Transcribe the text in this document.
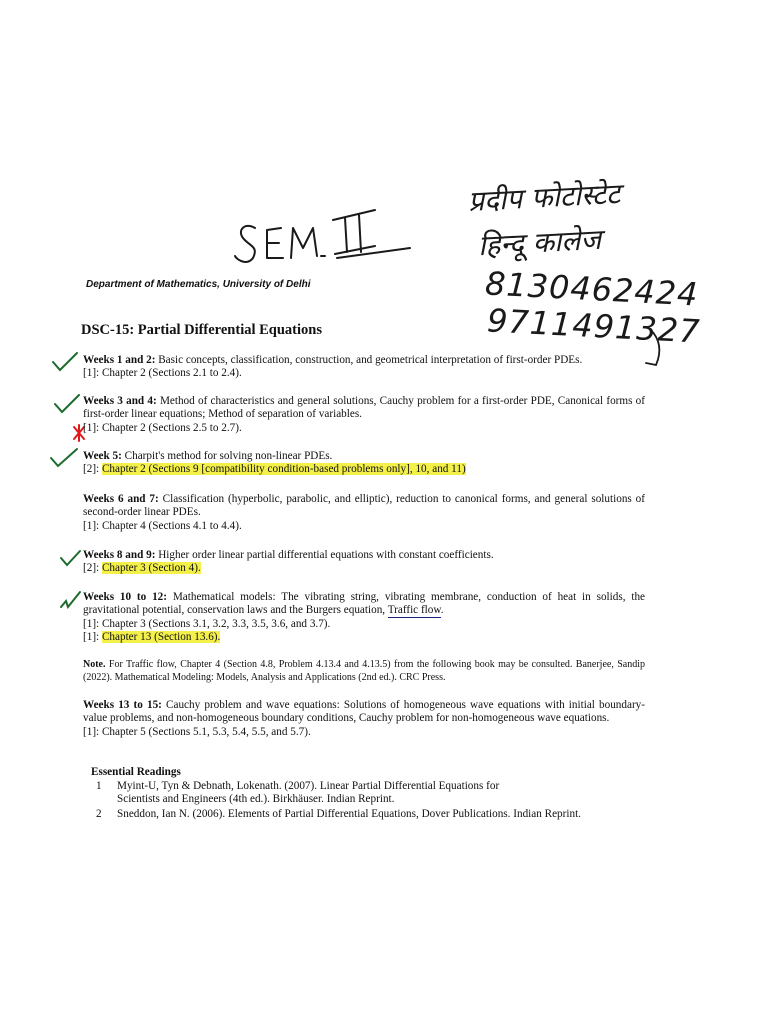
प्रदीप फोटोस्टेट
हिन्दू कालेज
8130462424
9711491327
Department of Mathematics, University of Delhi
DSC-15: Partial Differential Equations
Weeks 1 and 2: Basic concepts, classification, construction, and geometrical interpretation of first-order PDEs.
[1]: Chapter 2 (Sections 2.1 to 2.4).
Weeks 3 and 4: Method of characteristics and general solutions, Cauchy problem for a first-order PDE, Canonical forms of first-order linear equations; Method of separation of variables.
[1]: Chapter 2 (Sections 2.5 to 2.7).
Week 5: Charpit's method for solving non-linear PDEs.
[2]: Chapter 2 (Sections 9 [compatibility condition-based problems only], 10, and 11)
Weeks 6 and 7: Classification (hyperbolic, parabolic, and elliptic), reduction to canonical forms, and general solutions of second-order linear PDEs.
[1]: Chapter 4 (Sections 4.1 to 4.4).
Weeks 8 and 9: Higher order linear partial differential equations with constant coefficients.
[2]: Chapter 3 (Section 4).
Weeks 10 to 12: Mathematical models: The vibrating string, vibrating membrane, conduction of heat in solids, the gravitational potential, conservation laws and the Burgers equation, Traffic flow.
[1]: Chapter 3 (Sections 3.1, 3.2, 3.3, 3.5, 3.6, and 3.7).
[1]: Chapter 13 (Section 13.6).
Note. For Traffic flow, Chapter 4 (Section 4.8, Problem 4.13.4 and 4.13.5) from the following book may be consulted. Banerjee, Sandip (2022). Mathematical Modeling: Models, Analysis and Applications (2nd ed.). CRC Press.
Weeks 13 to 15: Cauchy problem and wave equations: Solutions of homogeneous wave equations with initial boundary-value problems, and non-homogeneous boundary conditions, Cauchy problem for non-homogeneous wave equations.
[1]: Chapter 5 (Sections 5.1, 5.3, 5.4, 5.5, and 5.7).
Essential Readings
1 Myint-U, Tyn & Debnath, Lokenath. (2007). Linear Partial Differential Equations for Scientists and Engineers (4th ed.). Birkhäuser. Indian Reprint.
2 Sneddon, Ian N. (2006). Elements of Partial Differential Equations, Dover Publications. Indian Reprint.
